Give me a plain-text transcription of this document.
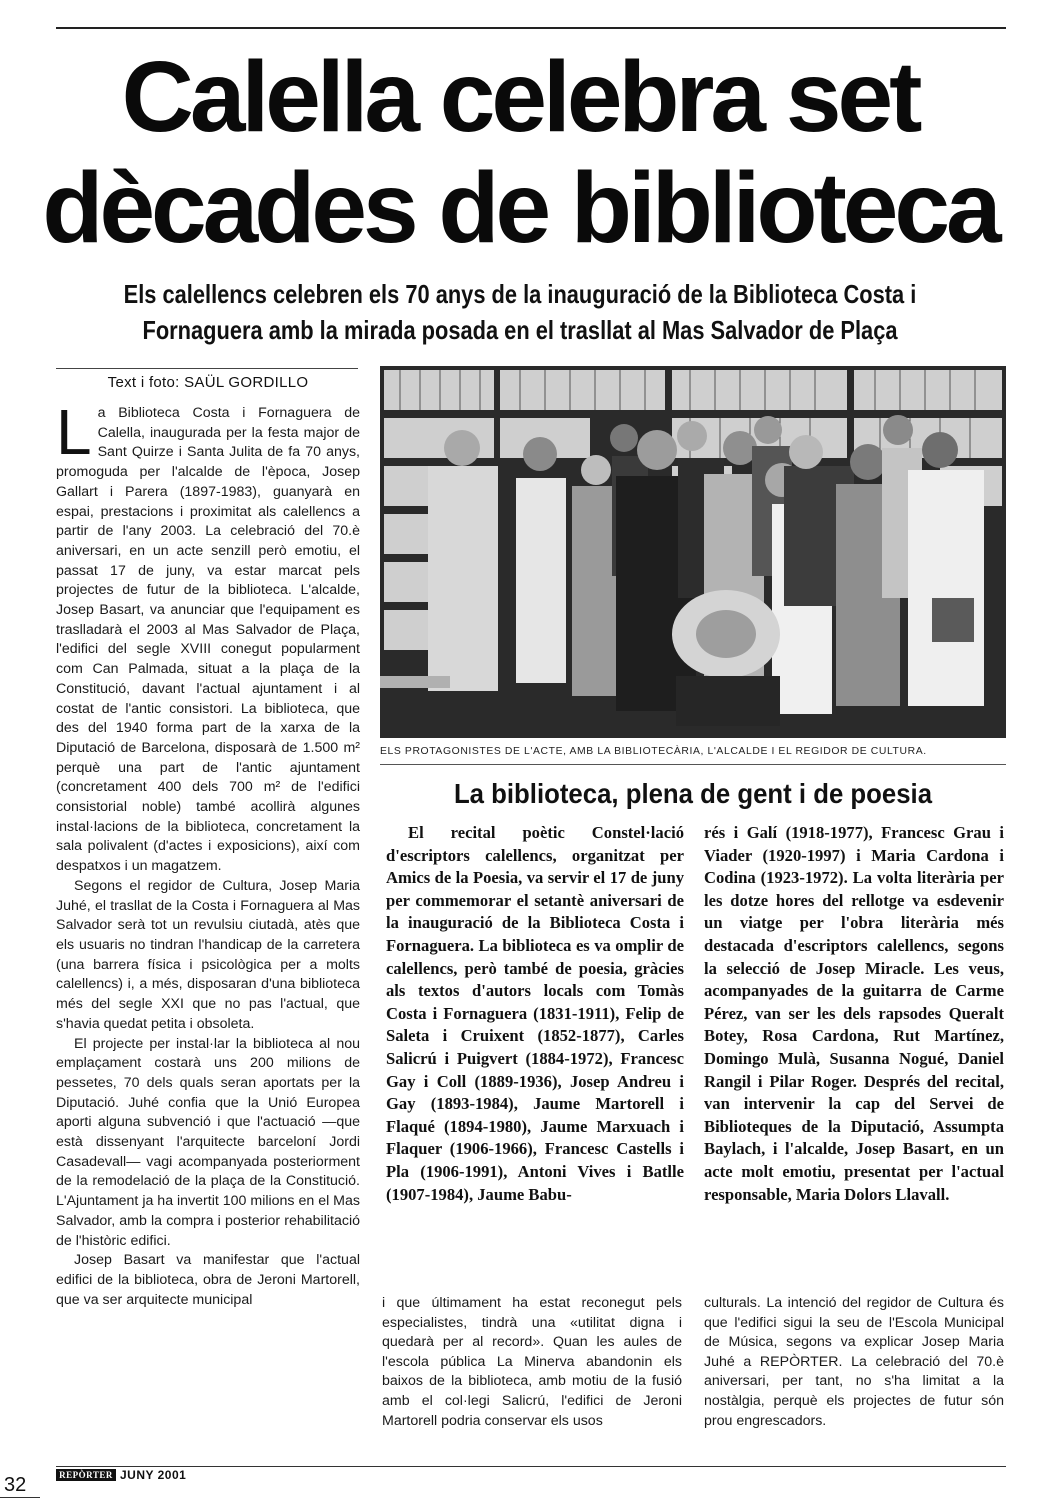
Calella celebra set
dècades de biblioteca
Els calellencs celebren els 70 anys de la inauguració de la Biblioteca Costa i
Fornaguera amb la mirada posada en el trasllat al Mas Salvador de Plaça
Text i foto: SAÜL GORDILLO

La Biblioteca Costa i Fornaguera de Calella, inaugurada per la festa major de Sant Quirze i Santa Julita de fa 70 anys, promoguda per l'alcalde de l'època, Josep Gallart i Parera (1897-1983), guanyarà en espai, prestacions i proximitat als calellencs a partir de l'any 2003. La celebració del 70.è aniversari, en un acte senzill però emotiu, el passat 17 de juny, va estar marcat pels projectes de futur de la biblioteca. L'alcalde, Josep Basart, va anunciar que l'equipament es traslladarà el 2003 al Mas Salvador de Plaça, l'edifici del segle XVIII conegut popularment com Can Palmada, situat a la plaça de la Constitució, davant l'actual ajuntament i al costat de l'antic consistori. La biblioteca, que des del 1940 forma part de la xarxa de la Diputació de Barcelona, disposarà de 1.500 m² perquè una part de l'antic ajuntament (concretament 400 dels 700 m² de l'edifici consistorial noble) també acollirà algunes instal·lacions de la biblioteca, concretament la sala polivalent (d'actes i exposicions), així com despatxos i un magatzem.

Segons el regidor de Cultura, Josep Maria Juhé, el trasllat de la Costa i Fornaguera al Mas Salvador serà tot un revulsiu ciutadà, atès que els usuaris no tindran l'handicap de la carretera (una barrera física i psicològica per a molts calellencs) i, a més, disposaran d'una biblioteca més del segle XXI que no pas l'actual, que s'havia quedat petita i obsoleta.

El projecte per instal·lar la biblioteca al nou emplaçament costarà uns 200 milions de pessetes, 70 dels quals seran aportats per la Diputació. Juhé confia que la Unió Europea aporti alguna subvenció i que l'actuació —que està dissenyant l'arquitecte barceloní Jordi Casadevall— vagi acompanyada posteriorment de la remodelació de la plaça de la Constitució. L'Ajuntament ja ha invertit 100 milions en el Mas Salvador, amb la compra i posterior rehabilitació de l'històric edifici.

Josep Basart va manifestar que l'actual edifici de la biblioteca, obra de Jeroni Martorell, que va ser arquitecte municipal

ELS PROTAGONISTES DE L'ACTE, AMB LA BIBLIOTECÀRIA, L'ALCALDE I EL REGIDOR DE CULTURA.
La biblioteca, plena de gent i de poesia

El recital poètic Constel·lació d'escriptors calellencs, organitzat per Amics de la Poesia, va servir el 17 de juny per commemorar el setantè aniversari de la inauguració de la Biblioteca Costa i Fornaguera. La biblioteca es va omplir de calellencs, però també de poesia, gràcies als textos d'autors locals com Tomàs Costa i Fornaguera (1831-1911), Felip de Saleta i Cruixent (1852-1877), Carles Salicrú i Puigvert (1884-1972), Francesc Gay i Coll (1889-1936), Josep Andreu i Gay (1893-1984), Jaume Martorell i Flaqué (1894-1980), Jaume Marxuach i Flaquer (1906-1966), Francesc Castells i Pla (1906-1991), Antoni Vives i Batlle (1907-1984), Jaume Babu-

rés i Galí (1918-1977), Francesc Grau i Viader (1920-1997) i Maria Cardona i Codina (1923-1972). La volta literària per les dotze hores del rellotge va esdevenir un viatge per l'obra literària més destacada d'escriptors calellencs, segons la selecció de Josep Miracle. Les veus, acompanyades de la guitarra de Carme Pérez, van ser les dels rapsodes Queralt Botey, Rosa Cardona, Rut Martínez, Domingo Mulà, Susanna Nogué, Daniel Rangil i Pilar Roger. Després del recital, van intervenir la cap del Servei de Biblioteques de la Diputació, Assumpta Baylach, i l'alcalde, Josep Basart, en un acte molt emotiu, presentat per l'actual responsable, Maria Dolors Llavall.

i que últimament ha estat reconegut pels especialistes, tindrà una «utilitat digna i quedarà per al record». Quan les aules de l'escola pública La Minerva abandonin els baixos de la biblioteca, amb motiu de la fusió amb el col·legi Salicrú, l'edifici de Jeroni Martorell podria conservar els usos

culturals. La intenció del regidor de Cultura és que l'edifici sigui la seu de l'Escola Municipal de Música, segons va explicar Josep Maria Juhé a REPÒRTER. La celebració del 70.è aniversari, per tant, no s'ha limitat a la nostàlgia, perquè els projectes de futur són prou engrescadors.

REPÒRTER JUNY 2001
32
